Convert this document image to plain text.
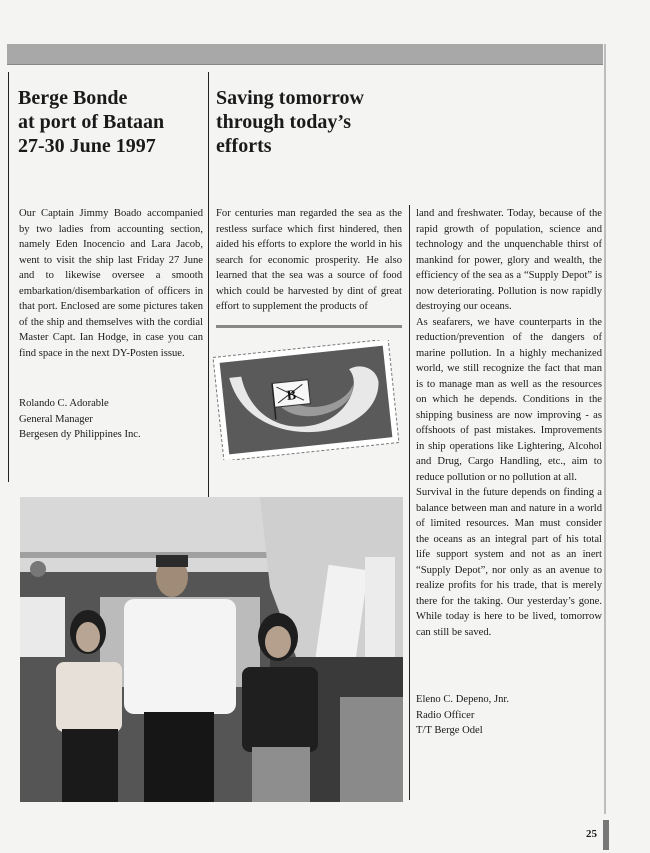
Berge Bonde
at port of Bataan
27-30 June 1997

Our Captain Jimmy Boado accompanied by two ladies from accounting section, namely Eden Inocencio and Lara Jacob, went to visit the ship last Friday 27 June and to likewise oversee a smooth embarkation/disembarkation of officers in that port. Enclosed are some pictures taken of the ship and themselves with the cordial Master Capt. Ian Hodge, in case you can find space in the next DY-Posten issue.

Rolando C. Adorable
General Manager
Bergesen dy Philippines Inc.
Saving tomorrow
through today’s
efforts

For centuries man regarded the sea as the restless surface which first hindered, then aided his efforts to explore the world in his search for economic prosperity. He also learned that the sea was a source of food which could be harvested by dint of great effort to supplement the products of

B

land and freshwater. Today, because of the rapid growth of population, science and technology and the unquenchable thirst of mankind for power, glory and wealth, the efficiency of the sea as a “Supply Depot” is now deteriorating. Pollution is now rapidly destroying our oceans.

As seafarers, we have counterparts in the reduction/prevention of the dangers of marine pollution. In a highly mechanized world, we still recognize the fact that man is to manage man as well as the resources on which he depends. Conditions in the shipping business are now improving - as offshoots of past mistakes. Improvements in ship operations like Lightering, Alcohol and Drug, Cargo Handling, etc., aim to reduce pollution or no pollution at all.

Survival in the future depends on finding a balance between man and nature in a world of limited resources. Man must consider the oceans as an integral part of his total life support system and not as an inert “Supply Depot”, nor only as an avenue to realize profits for his trade, that is merely there for the taking. Our yesterday’s gone. While today is here to be lived, tomorrow can still be saved.

Eleno C. Depeno, Jnr.
Radio Officer
T/T Berge Odel
25
